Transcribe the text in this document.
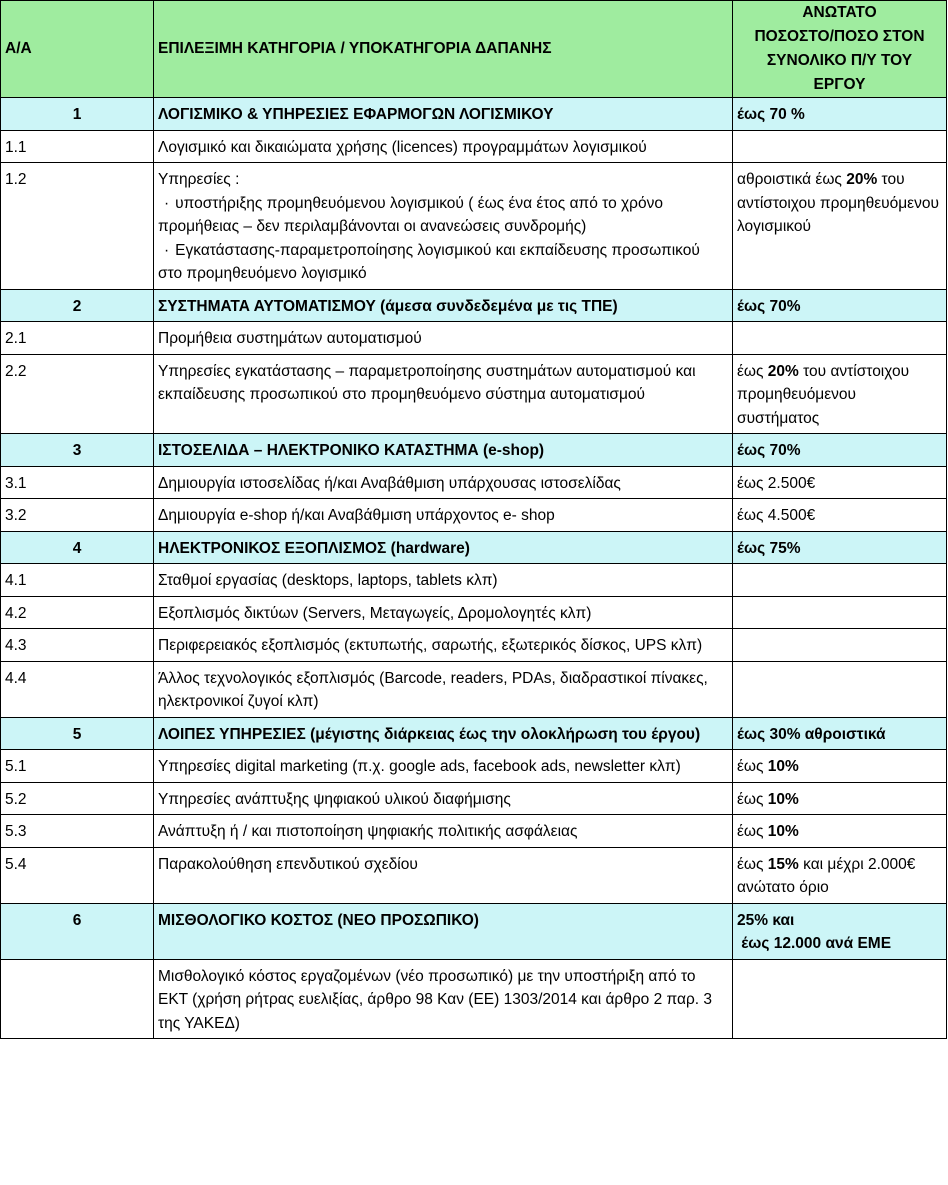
Α/Α	ΕΠΙΛΕΞΙΜΗ ΚΑΤΗΓΟΡΙΑ / ΥΠΟΚΑΤΗΓΟΡΙΑ ΔΑΠΑΝΗΣ	ΑΝΩΤΑΤΟ
ΠΟΣΟΣΤΟ/ΠΟΣΟ ΣΤΟΝ
ΣΥΝΟΛΙΚΟ Π/Υ ΤΟΥ
ΕΡΓΟΥ
1	ΛΟΓΙΣΜΙΚΟ & ΥΠΗΡΕΣΙΕΣ ΕΦΑΡΜΟΓΩΝ ΛΟΓΙΣΜΙΚΟΥ	έως 70 %
1.1	Λογισμικό και δικαιώματα χρήσης (licences) προγραμμάτων λογισμικού	
1.2	Υπηρεσίες :
· υποστήριξης προμηθευόμενου λογισμικού ( έως ένα έτος από το χρόνο προμήθειας – δεν περιλαμβάνονται οι ανανεώσεις συνδρομής)
· Εγκατάστασης-παραμετροποίησης λογισμικού και εκπαίδευσης προσωπικού στο προμηθευόμενο λογισμικό	αθροιστικά έως 20% του αντίστοιχου προμηθευόμενου λογισμικού
2	ΣΥΣΤΗΜΑΤΑ ΑΥΤΟΜΑΤΙΣΜΟΥ (άμεσα συνδεδεμένα με τις ΤΠΕ)	έως 70%
2.1	Προμήθεια συστημάτων αυτοματισμού	
2.2	Υπηρεσίες εγκατάστασης – παραμετροποίησης συστημάτων αυτοματισμού και εκπαίδευσης προσωπικού στο προμηθευόμενο σύστημα αυτοματισμού	έως 20% του αντίστοιχου προμηθευόμενου συστήματος
3	ΙΣΤΟΣΕΛΙΔΑ – ΗΛΕΚΤΡΟΝΙΚΟ ΚΑΤΑΣΤΗΜΑ (e-shop)	έως 70%
3.1	Δημιουργία ιστοσελίδας ή/και Αναβάθμιση υπάρχουσας ιστοσελίδας	έως 2.500€
3.2	Δημιουργία e-shop ή/και Αναβάθμιση υπάρχοντος e- shop	έως 4.500€
4	ΗΛΕΚΤΡΟΝΙΚΟΣ ΕΞΟΠΛΙΣΜΟΣ (hardware)	έως 75%
4.1	Σταθμοί εργασίας (desktops, laptops, tablets κλπ)	
4.2	Εξοπλισμός δικτύων (Servers, Μεταγωγείς, Δρομολογητές κλπ)	
4.3	Περιφερειακός εξοπλισμός (εκτυπωτής, σαρωτής, εξωτερικός δίσκος, UPS κλπ)	
4.4	Άλλος τεχνολογικός εξοπλισμός (Barcode, readers, PDAs, διαδραστικοί πίνακες, ηλεκτρονικοί ζυγοί κλπ)	
5	ΛΟΙΠΕΣ ΥΠΗΡΕΣΙΕΣ (μέγιστης διάρκειας έως την ολοκλήρωση του έργου)	έως 30% αθροιστικά
5.1	Υπηρεσίες digital marketing (π.χ. google ads, facebook ads, newsletter κλπ)	έως 10%
5.2	Υπηρεσίες ανάπτυξης ψηφιακού υλικού διαφήμισης	έως 10%
5.3	Ανάπτυξη ή / και πιστοποίηση ψηφιακής πολιτικής ασφάλειας	έως 10%
5.4	Παρακολούθηση επενδυτικού σχεδίου	έως 15% και μέχρι 2.000€ ανώτατο όριο
6	ΜΙΣΘΟΛΟΓΙΚΟ ΚΟΣΤΟΣ (ΝΕΟ ΠΡΟΣΩΠΙΚΟ)	25% και
έως 12.000 ανά ΕΜΕ
	Μισθολογικό κόστος εργαζομένων (νέο προσωπικό) με την υποστήριξη από το ΕΚΤ (χρήση ρήτρας ευελιξίας, άρθρο 98 Καν (ΕΕ) 1303/2014 και άρθρο 2 παρ. 3 της ΥΑΚΕΔ)	
